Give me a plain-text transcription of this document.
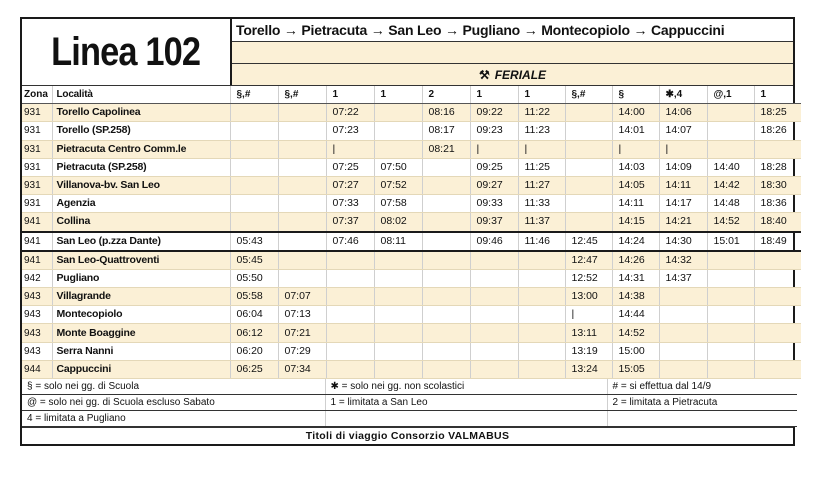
Linea 102	Torello → Pietracuta → San Leo → Pugliano → Montecopiolo → Cappuccini
⚒ FERIALE
Zona	Località	§,#	§,#	1	1	2	1	1	§,#	§	✱,4	@,1	1
931	Torello Capolinea			07:22		08:16	09:22	11:22		14:00	14:06		18:25
931	Torello (SP.258)			07:23		08:17	09:23	11:23		14:01	14:07		18:26
931	Pietracuta Centro Comm.le			|		08:21	|	|		|	|		
931	Pietracuta (SP.258)			07:25	07:50		09:25	11:25		14:03	14:09	14:40	18:28
931	Villanova-bv. San Leo			07:27	07:52		09:27	11:27		14:05	14:11	14:42	18:30
931	Agenzia			07:33	07:58		09:33	11:33		14:11	14:17	14:48	18:36
941	Collina			07:37	08:02		09:37	11:37		14:15	14:21	14:52	18:40
941	San Leo (p.zza Dante)	05:43		07:46	08:11		09:46	11:46	12:45	14:24	14:30	15:01	18:49
941	San Leo-Quattroventi	05:45							12:47	14:26	14:32		
942	Pugliano	05:50							12:52	14:31	14:37		
943	Villagrande	05:58	07:07						13:00	14:38			
943	Montecopiolo	06:04	07:13						|	14:44			
943	Monte Boaggine	06:12	07:21						13:11	14:52			
943	Serra Nanni	06:20	07:29						13:19	15:00			
944	Cappuccini	06:25	07:34						13:24	15:05			
§ = solo nei gg. di Scuola	✱ = solo nei gg. non scolastici	# = si effettua dal 14/9
@ = solo nei gg. di Scuola escluso Sabato	1 = limitata a San Leo	2 = limitata a Pietracuta
4 = limitata a Pugliano		
Titoli di viaggio Consorzio VALMABUS
